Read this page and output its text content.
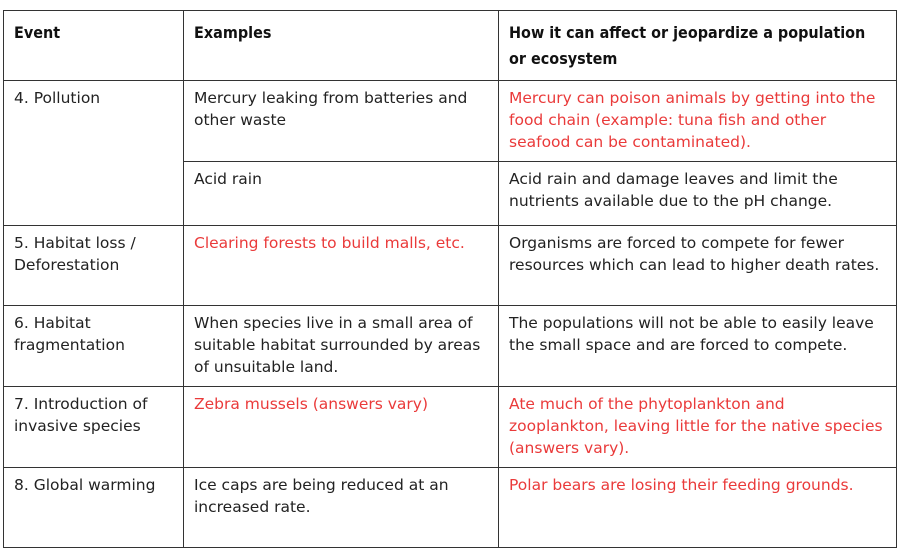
Event	Examples	How it can affect or jeopardize a population or ecosystem
4. Pollution	Mercury leaking from batteries and other waste	Mercury can poison animals by getting into the food chain (example: tuna fish and other seafood can be contaminated).
	Acid rain	Acid rain and damage leaves and limit the nutrients available due to the pH change.
5. Habitat loss / Deforestation	Clearing forests to build malls, etc.	Organisms are forced to compete for fewer resources which can lead to higher death rates.
6. Habitat fragmentation	When species live in a small area of suitable habitat surrounded by areas of unsuitable land.	The populations will not be able to easily leave the small space and are forced to compete.
7. Introduction of invasive species	Zebra mussels (answers vary)	Ate much of the phytoplankton and zooplankton, leaving little for the native species (answers vary).
8. Global warming	Ice caps are being reduced at an increased rate.	Polar bears are losing their feeding grounds.
